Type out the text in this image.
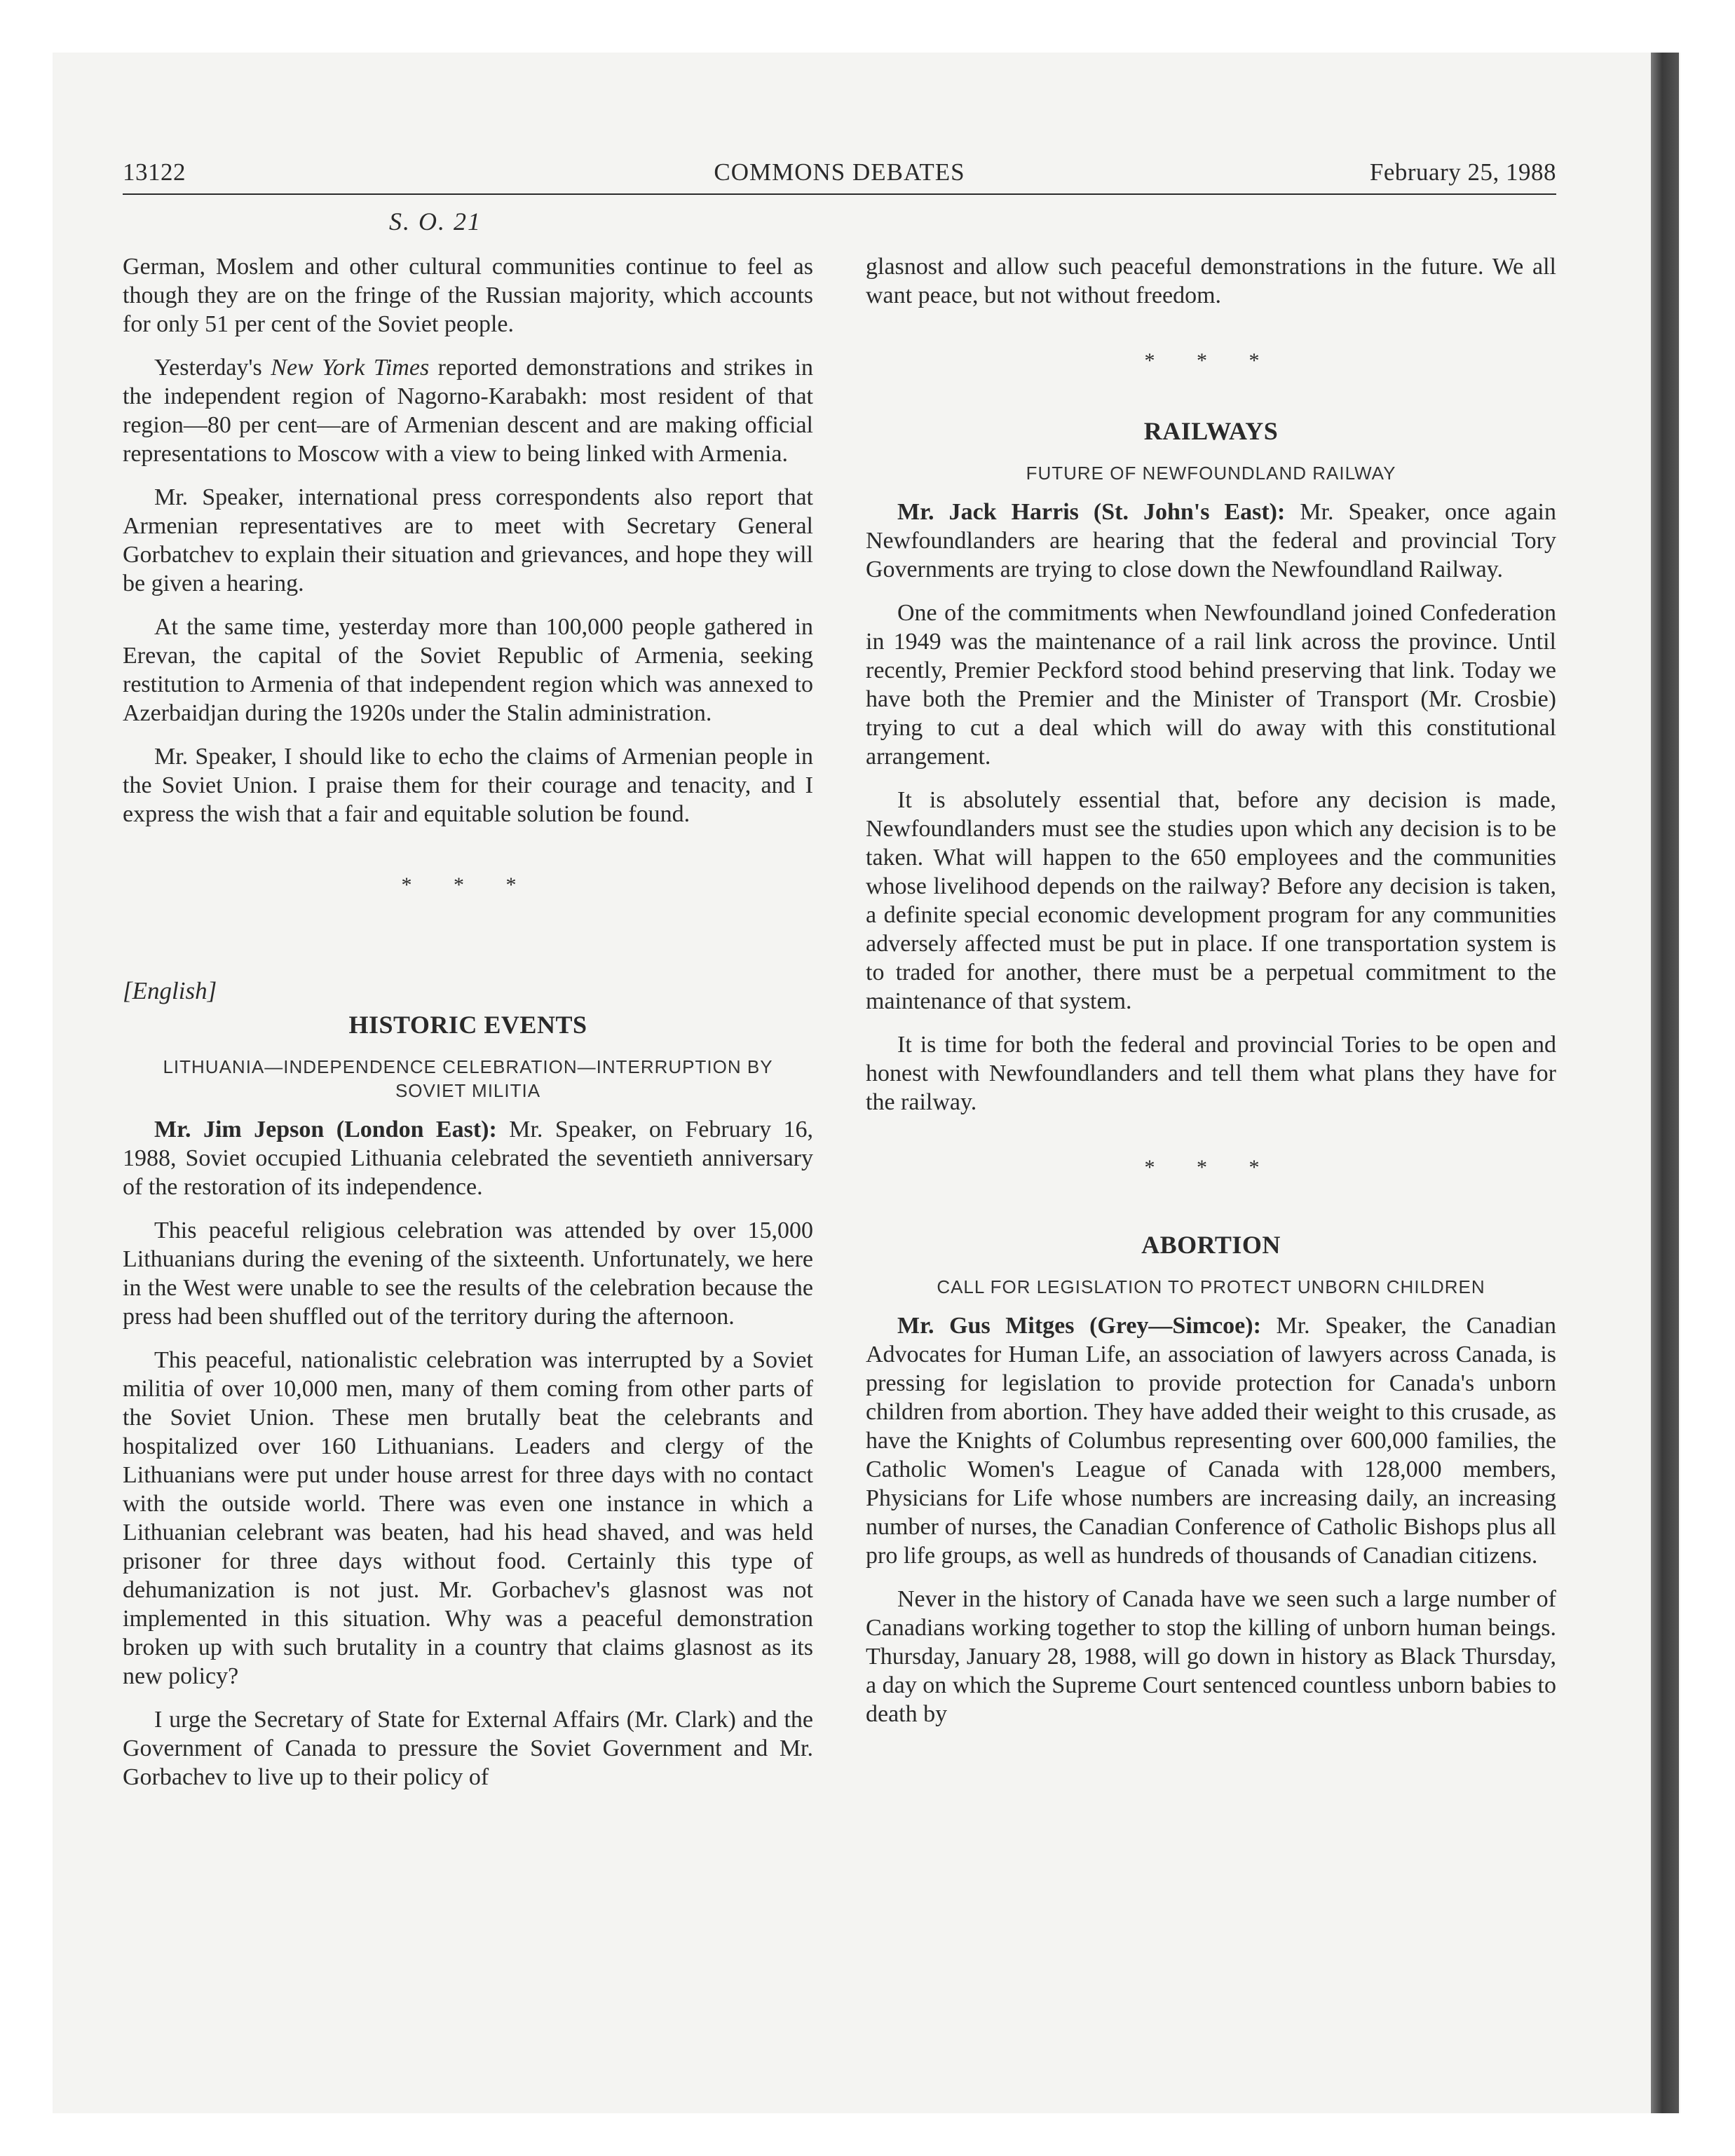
13122	COMMONS DEBATES	February 25, 1988
S. O. 21

German, Moslem and other cultural communities continue to feel as though they are on the fringe of the Russian majority, which accounts for only 51 per cent of the Soviet people.

Yesterday's New York Times reported demonstrations and strikes in the independent region of Nagorno-Karabakh: most resident of that region—80 per cent—are of Armenian descent and are making official representations to Moscow with a view to being linked with Armenia.

Mr. Speaker, international press correspondents also report that Armenian representatives are to meet with Secretary General Gorbatchev to explain their situation and grievances, and hope they will be given a hearing.

At the same time, yesterday more than 100,000 people gathered in Erevan, the capital of the Soviet Republic of Armenia, seeking restitution to Armenia of that independent region which was annexed to Azerbaidjan during the 1920s under the Stalin administration.

Mr. Speaker, I should like to echo the claims of Armenian people in the Soviet Union. I praise them for their courage and tenacity, and I express the wish that a fair and equitable solution be found.

* * *
[English]
HISTORIC EVENTS
LITHUANIA—INDEPENDENCE CELEBRATION—INTERRUPTION BY SOVIET MILITIA

Mr. Jim Jepson (London East): Mr. Speaker, on February 16, 1988, Soviet occupied Lithuania celebrated the seventieth anniversary of the restoration of its independence.

This peaceful religious celebration was attended by over 15,000 Lithuanians during the evening of the sixteenth. Unfortunately, we here in the West were unable to see the results of the celebration because the press had been shuffled out of the territory during the afternoon.

This peaceful, nationalistic celebration was interrupted by a Soviet militia of over 10,000 men, many of them coming from other parts of the Soviet Union. These men brutally beat the celebrants and hospitalized over 160 Lithuanians. Leaders and clergy of the Lithuanians were put under house arrest for three days with no contact with the outside world. There was even one instance in which a Lithuanian celebrant was beaten, had his head shaved, and was held prisoner for three days without food. Certainly this type of dehumanization is not just. Mr. Gorbachev's glasnost was not implemented in this situation. Why was a peaceful demonstration broken up with such brutality in a country that claims glasnost as its new policy?

I urge the Secretary of State for External Affairs (Mr. Clark) and the Government of Canada to pressure the Soviet Government and Mr. Gorbachev to live up to their policy of

glasnost and allow such peaceful demonstrations in the future. We all want peace, but not without freedom.

* * *
RAILWAYS
FUTURE OF NEWFOUNDLAND RAILWAY

Mr. Jack Harris (St. John's East): Mr. Speaker, once again Newfoundlanders are hearing that the federal and provincial Tory Governments are trying to close down the Newfoundland Railway.

One of the commitments when Newfoundland joined Confederation in 1949 was the maintenance of a rail link across the province. Until recently, Premier Peckford stood behind preserving that link. Today we have both the Premier and the Minister of Transport (Mr. Crosbie) trying to cut a deal which will do away with this constitutional arrangement.

It is absolutely essential that, before any decision is made, Newfoundlanders must see the studies upon which any decision is to be taken. What will happen to the 650 employees and the communities whose livelihood depends on the railway? Before any decision is taken, a definite special economic development program for any communities adversely affected must be put in place. If one transportation system is to traded for another, there must be a perpetual commitment to the maintenance of that system.

It is time for both the federal and provincial Tories to be open and honest with Newfoundlanders and tell them what plans they have for the railway.

* * *
ABORTION
CALL FOR LEGISLATION TO PROTECT UNBORN CHILDREN

Mr. Gus Mitges (Grey—Simcoe): Mr. Speaker, the Canadian Advocates for Human Life, an association of lawyers across Canada, is pressing for legislation to provide protection for Canada's unborn children from abortion. They have added their weight to this crusade, as have the Knights of Columbus representing over 600,000 families, the Catholic Women's League of Canada with 128,000 members, Physicians for Life whose numbers are increasing daily, an increasing number of nurses, the Canadian Conference of Catholic Bishops plus all pro life groups, as well as hundreds of thousands of Canadian citizens.

Never in the history of Canada have we seen such a large number of Canadians working together to stop the killing of unborn human beings. Thursday, January 28, 1988, will go down in history as Black Thursday, a day on which the Supreme Court sentenced countless unborn babies to death by
